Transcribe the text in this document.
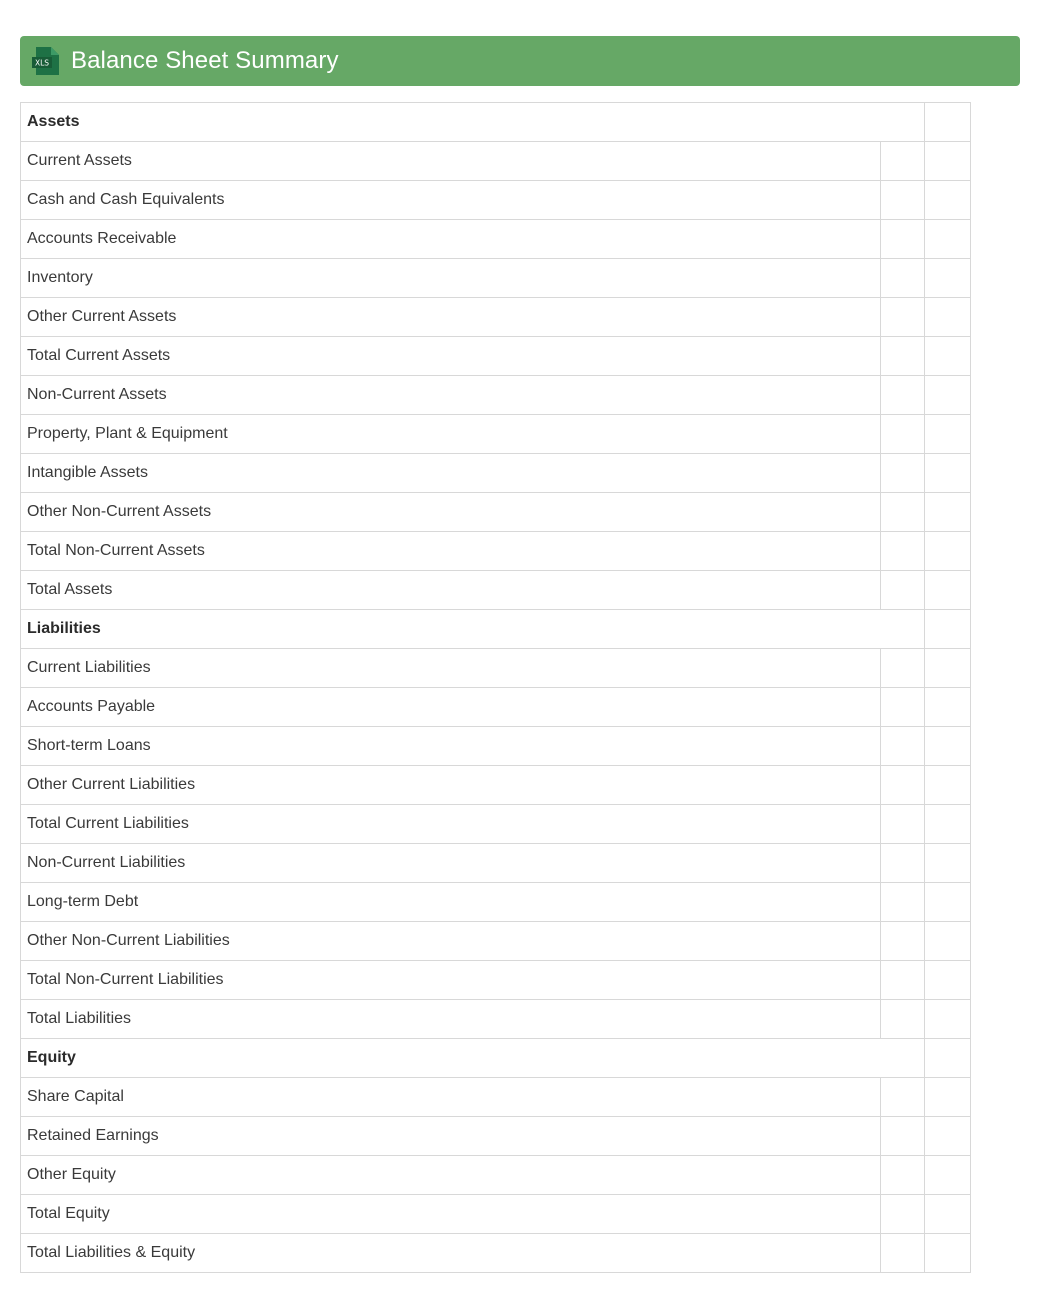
XLS Balance Sheet Summary
Assets		
Current Assets		
Cash and Cash Equivalents		
Accounts Receivable		
Inventory		
Other Current Assets		
Total Current Assets		
Non-Current Assets		
Property, Plant & Equipment		
Intangible Assets		
Other Non-Current Assets		
Total Non-Current Assets		
Total Assets		
Liabilities		
Current Liabilities		
Accounts Payable		
Short-term Loans		
Other Current Liabilities		
Total Current Liabilities		
Non-Current Liabilities		
Long-term Debt		
Other Non-Current Liabilities		
Total Non-Current Liabilities		
Total Liabilities		
Equity		
Share Capital		
Retained Earnings		
Other Equity		
Total Equity		
Total Liabilities & Equity		
